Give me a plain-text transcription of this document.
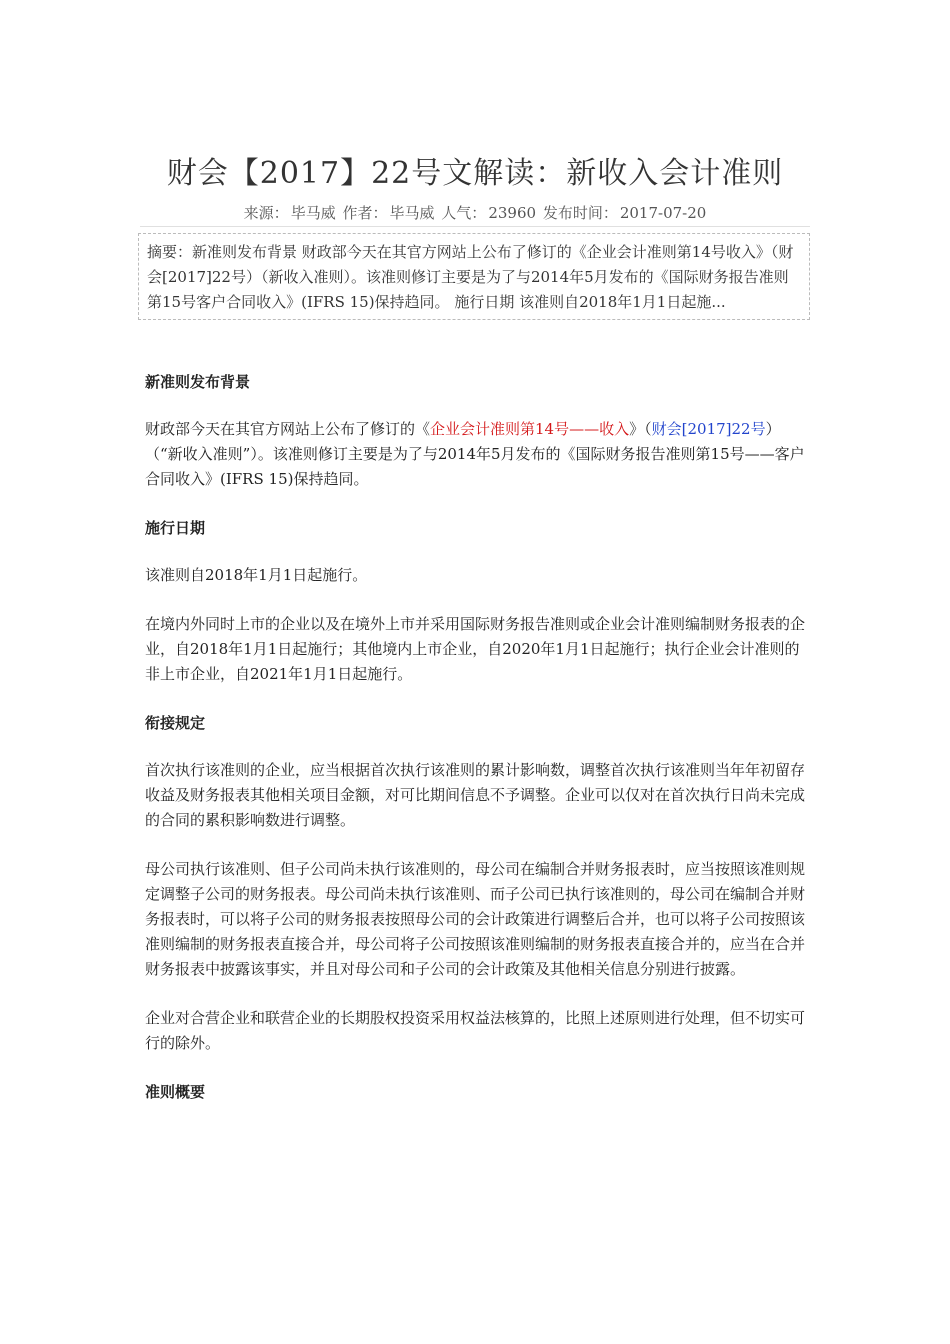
财会【2017】22号文解读：新收入会计准则
来源： 毕马威 作者： 毕马威 人气： 23960 发布时间： 2017-07-20
摘要：新准则发布背景 财政部今天在其官方网站上公布了修订的《企业会计准则第14号收入》（财会[2017]22号）（新收入准则）。该准则修订主要是为了与2014年5月发布的《国际财务报告准则第15号客户合同收入》(IFRS 15)保持趋同。 施行日期 该准则自2018年1月1日起施...
新准则发布背景

财政部今天在其官方网站上公布了修订的《企业会计准则第14号——收入》（财会[2017]22号）（“新收入准则”）。该准则修订主要是为了与2014年5月发布的《国际财务报告准则第15号——客户合同收入》(IFRS 15)保持趋同。

施行日期

该准则自2018年1月1日起施行。

在境内外同时上市的企业以及在境外上市并采用国际财务报告准则或企业会计准则编制财务报表的企业，自2018年1月1日起施行；其他境内上市企业，自2020年1月1日起施行；执行企业会计准则的非上市企业，自2021年1月1日起施行。

衔接规定

首次执行该准则的企业，应当根据首次执行该准则的累计影响数，调整首次执行该准则当年年初留存收益及财务报表其他相关项目金额，对可比期间信息不予调整。企业可以仅对在首次执行日尚未完成的合同的累积影响数进行调整。

母公司执行该准则、但子公司尚未执行该准则的，母公司在编制合并财务报表时，应当按照该准则规定调整子公司的财务报表。母公司尚未执行该准则、而子公司已执行该准则的，母公司在编制合并财务报表时，可以将子公司的财务报表按照母公司的会计政策进行调整后合并，也可以将子公司按照该准则编制的财务报表直接合并，母公司将子公司按照该准则编制的财务报表直接合并的，应当在合并财务报表中披露该事实，并且对母公司和子公司的会计政策及其他相关信息分别进行披露。

企业对合营企业和联营企业的长期股权投资采用权益法核算的，比照上述原则进行处理，但不切实可行的除外。

准则概要
